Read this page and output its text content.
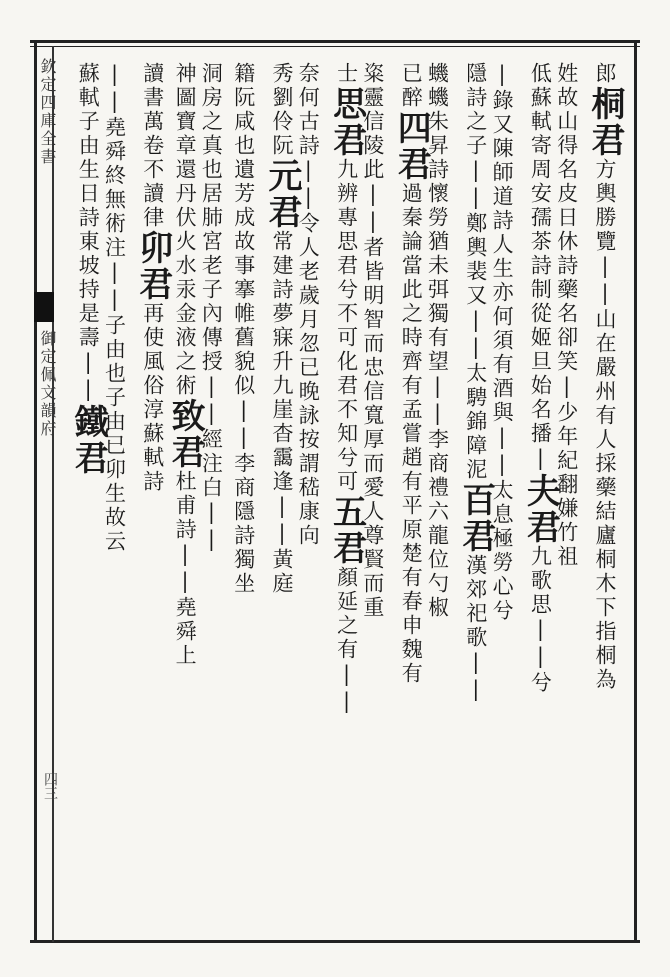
欽定四庫全書
御定佩文韻府
四三
郎桐君方輿勝覽||山在嚴州有人採藥結廬桐木下指桐為
姓故山得名皮日休詩藥名卻笑|少年紀翻嫌竹祖
低蘇軾寄周安孺茶詩制從姬旦始名播|夫君九歌思||兮
|錄又陳師道詩人生亦何須有酒與||太息極勞心兮
隱詩之子||鄭輿裴又||太騁錦障泥百君漢郊祀歌||
蟣蟣朱昇詩懷勞猶未弭獨有望||李商禮六龍位勺椒
已醉四君過秦論當此之時齊有孟嘗趙有平原楚有春申魏有
粢靈信陵此||者皆明智而忠信寬厚而愛人尊賢而重
士思君九辨專思君兮不可化君不知兮可五君顏延之有||
奈何古詩||令人老歲月忽已晚詠按謂嵇康向
秀劉伶阮元君常建詩夢寐升九崖杳靄逢||黃庭
籍阮咸也遺芳成故事搴帷舊貌似||李商隱詩獨坐
洞房之真也居肺宮老子內傳授||經注白||
神圖寶章還丹伏火水汞金液之術致君杜甫詩||堯舜上
讀書萬卷不讀律卯君再使風俗淳蘇軾詩
||堯舜終無術注||子由也子由已卯生故云
蘇軾子由生日詩東坡持是壽||鐵君
